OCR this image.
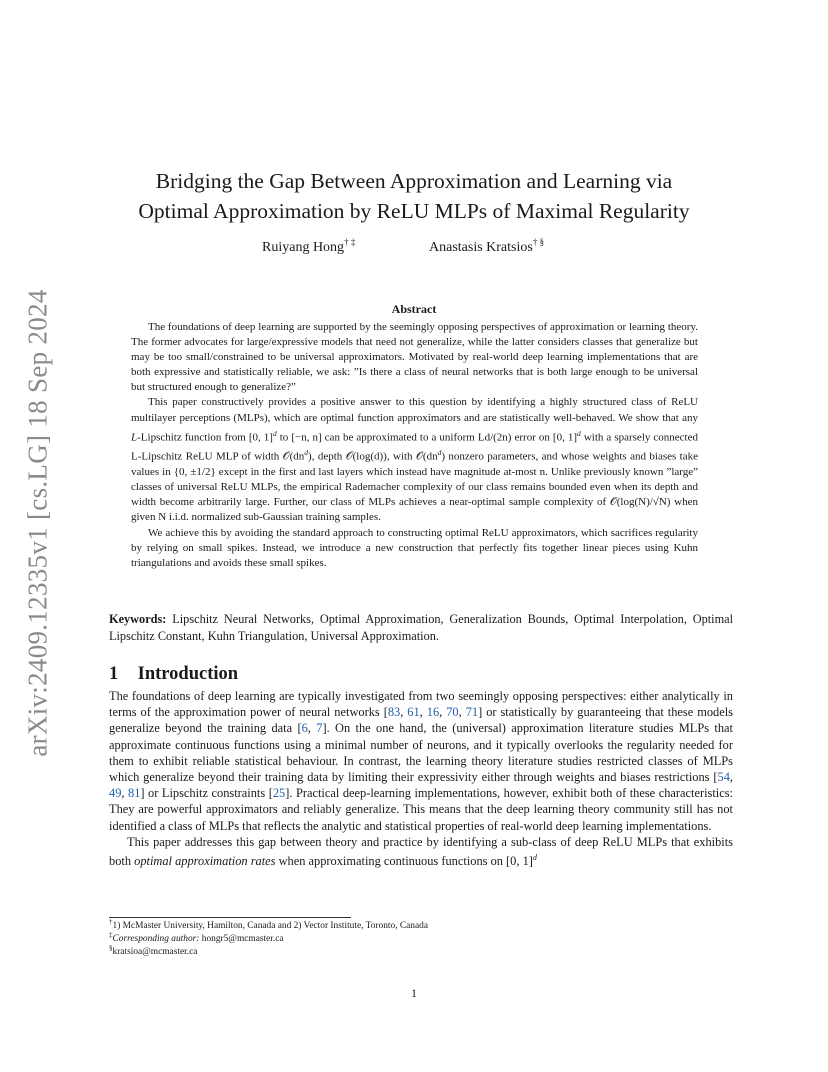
arXiv:2409.12335v1 [cs.LG] 18 Sep 2024
Bridging the Gap Between Approximation and Learning via
Optimal Approximation by ReLU MLPs of Maximal Regularity
Ruiyang Hong† ‡	Anastasis Kratsios† §
Abstract

The foundations of deep learning are supported by the seemingly opposing perspectives of approximation or learning theory. The former advocates for large/expressive models that need not generalize, while the latter considers classes that generalize but may be too small/constrained to be universal approximators. Motivated by real-world deep learning implementations that are both expressive and statistically reliable, we ask: ”Is there a class of neural networks that is both large enough to be universal but structured enough to generalize?”

This paper constructively provides a positive answer to this question by identifying a highly structured class of ReLU multilayer perceptions (MLPs), which are optimal function approximators and are statistically well-behaved. We show that any L-Lipschitz function from [0, 1]$^d$ to [−n, n] can be approximated to a uniform Ld/(2n) error on [0, 1]$^d$ with a sparsely connected L-Lipschitz ReLU MLP of width $𝒪(dn^d)$, depth 𝒪(log(d)), with $𝒪(dn^d)$ nonzero parameters, and whose weights and biases take values in {0, ±1/2} except in the first and last layers which instead have magnitude at-most n. Unlike previously known ”large” classes of universal ReLU MLPs, the empirical Rademacher complexity of our class remains bounded even when its depth and width become arbitrarily large. Further, our class of MLPs achieves a near-optimal sample complexity of 𝒪(log(N)/√N) when given N i.i.d. normalized sub-Gaussian training samples.

We achieve this by avoiding the standard approach to constructing optimal ReLU approximators, which sacrifices regularity by relying on small spikes. Instead, we introduce a new construction that perfectly fits together linear pieces using Kuhn triangulations and avoids these small spikes.

Keywords: Lipschitz Neural Networks, Optimal Approximation, Generalization Bounds, Optimal Interpolation, Optimal Lipschitz Constant, Kuhn Triangulation, Universal Approximation.
1 Introduction

The foundations of deep learning are typically investigated from two seemingly opposing perspectives: either analytically in terms of the approximation power of neural networks [83, 61, 16, 70, 71] or statistically by guaranteeing that these models generalize beyond the training data [6, 7]. On the one hand, the (universal) approximation literature studies MLPs that approximate continuous functions using a minimal number of neurons, and it typically overlooks the regularity needed for them to exhibit reliable statistical behaviour. In contrast, the learning theory literature studies restricted classes of MLPs which generalize beyond their training data by limiting their expressivity either through weights and biases restrictions [54, 49, 81] or Lipschitz constraints [25]. Practical deep-learning implementations, however, exhibit both of these characteristics: They are powerful approximators and reliably generalize. This means that the deep learning theory community still has not identified a class of MLPs that reflects the analytic and statistical properties of real-world deep learning implementations.

This paper addresses this gap between theory and practice by identifying a sub-class of deep ReLU MLPs that exhibits both optimal approximation rates when approximating continuous functions on [0, 1]$^d$

†1) McMaster University, Hamilton, Canada and 2) Vector Institute, Toronto, Canada
‡Corresponding author: hongr5@mcmaster.ca
§kratsioa@mcmaster.ca
1
